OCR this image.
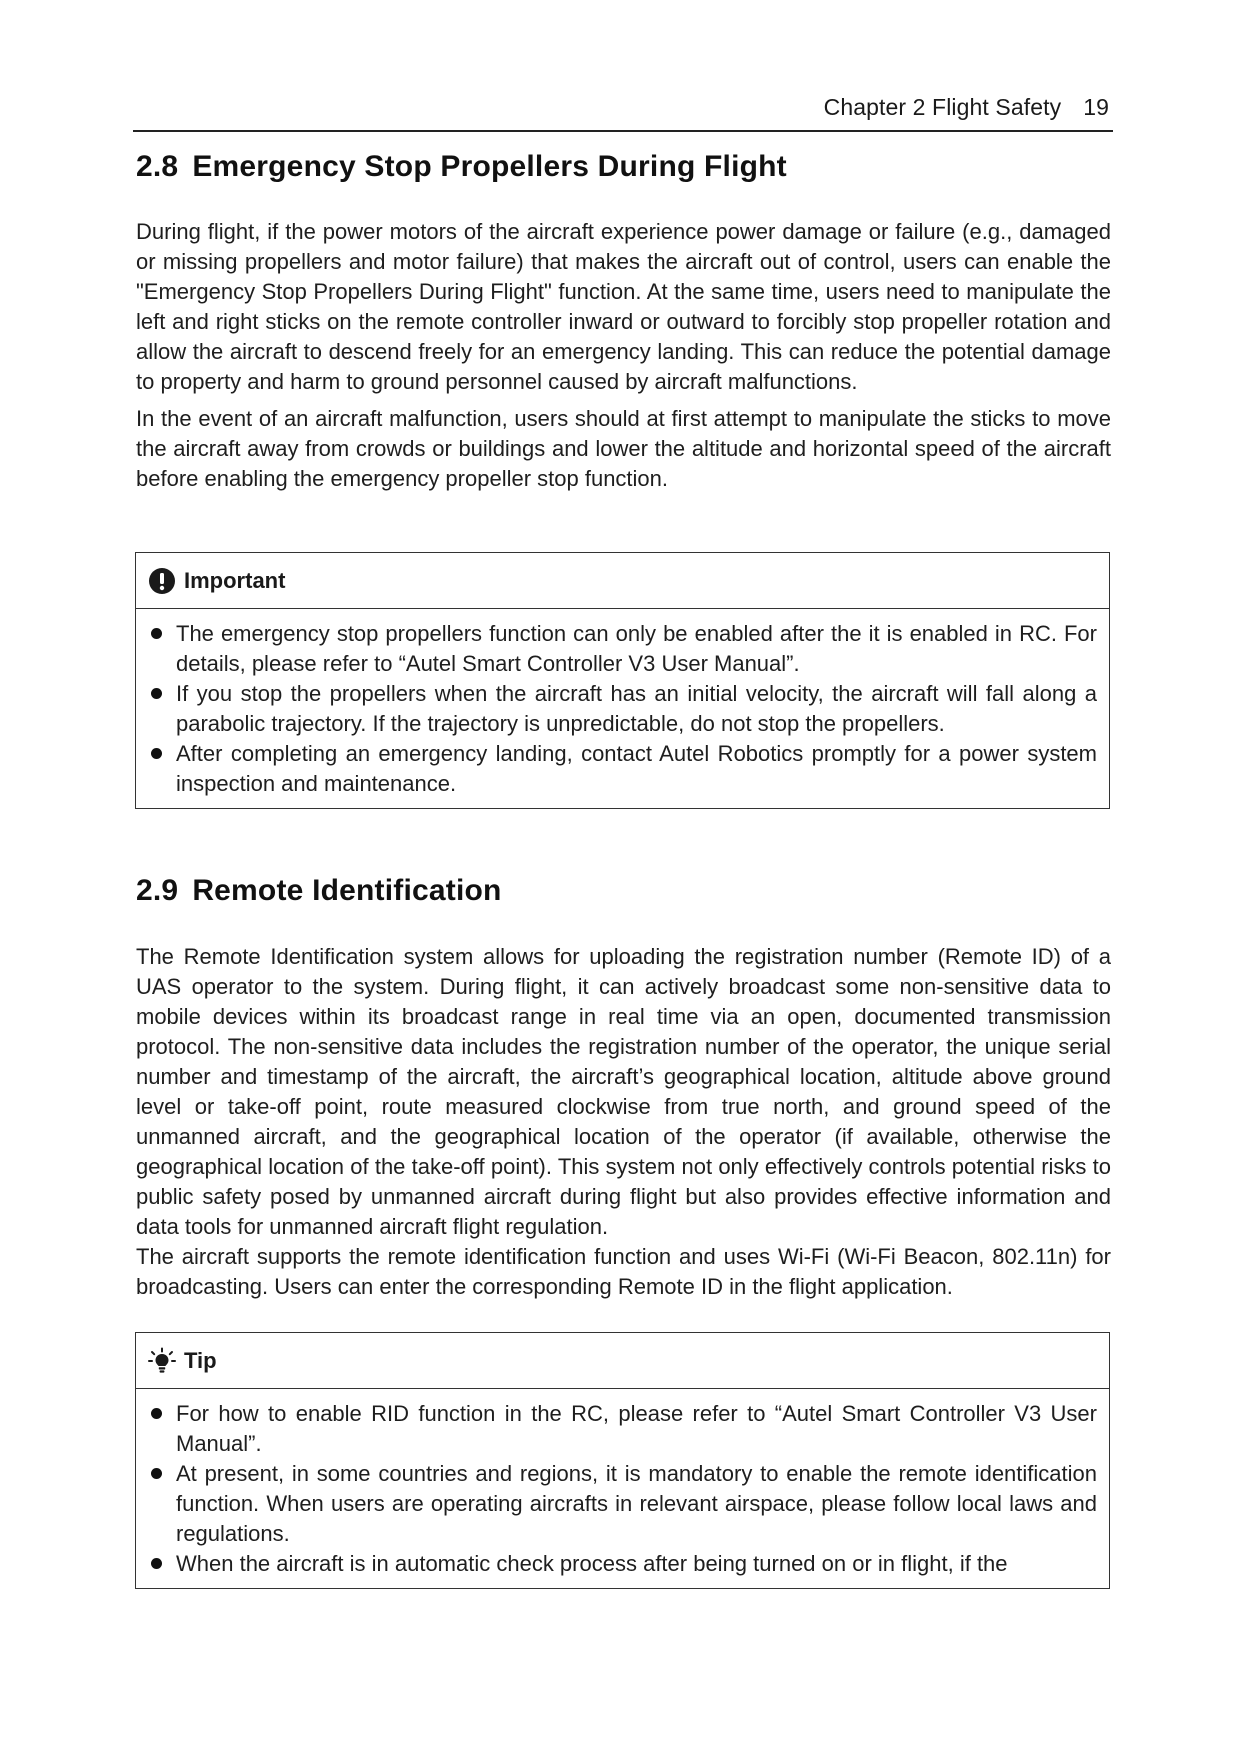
Chapter 2 Flight Safety 19
2.8 Emergency Stop Propellers During Flight

During flight, if the power motors of the aircraft experience power damage or failure (e.g., damaged or missing propellers and motor failure) that makes the aircraft out of control, users can enable the "Emergency Stop Propellers During Flight" function. At the same time, users need to manipulate the left and right sticks on the remote controller inward or outward to forcibly stop propeller rotation and allow the aircraft to descend freely for an emergency landing. This can reduce the potential damage to property and harm to ground personnel caused by aircraft malfunctions.

In the event of an aircraft malfunction, users should at first attempt to manipulate the sticks to move the aircraft away from crowds or buildings and lower the altitude and horizontal speed of the aircraft before enabling the emergency propeller stop function.

Important
The emergency stop propellers function can only be enabled after the it is enabled in RC. For details, please refer to “Autel Smart Controller V3 User Manual”.
If you stop the propellers when the aircraft has an initial velocity, the aircraft will fall along a parabolic trajectory. If the trajectory is unpredictable, do not stop the propellers.
After completing an emergency landing, contact Autel Robotics promptly for a power system inspection and maintenance.
2.9 Remote Identification

The Remote Identification system allows for uploading the registration number (Remote ID) of a UAS operator to the system. During flight, it can actively broadcast some non-sensitive data to mobile devices within its broadcast range in real time via an open, documented transmission protocol. The non-sensitive data includes the registration number of the operator, the unique serial number and timestamp of the aircraft, the aircraft’s geographical location, altitude above ground level or take-off point, route measured clockwise from true north, and ground speed of the unmanned aircraft, and the geographical location of the operator (if available, otherwise the geographical location of the take-off point). This system not only effectively controls potential risks to public safety posed by unmanned aircraft during flight but also provides effective information and data tools for unmanned aircraft flight regulation.

The aircraft supports the remote identification function and uses Wi-Fi (Wi-Fi Beacon, 802.11n) for broadcasting. Users can enter the corresponding Remote ID in the flight application.

Tip
For how to enable RID function in the RC, please refer to “Autel Smart Controller V3 User Manual”.
At present, in some countries and regions, it is mandatory to enable the remote identification function. When users are operating aircrafts in relevant airspace, please follow local laws and regulations.
When the aircraft is in automatic check process after being turned on or in flight, if the
